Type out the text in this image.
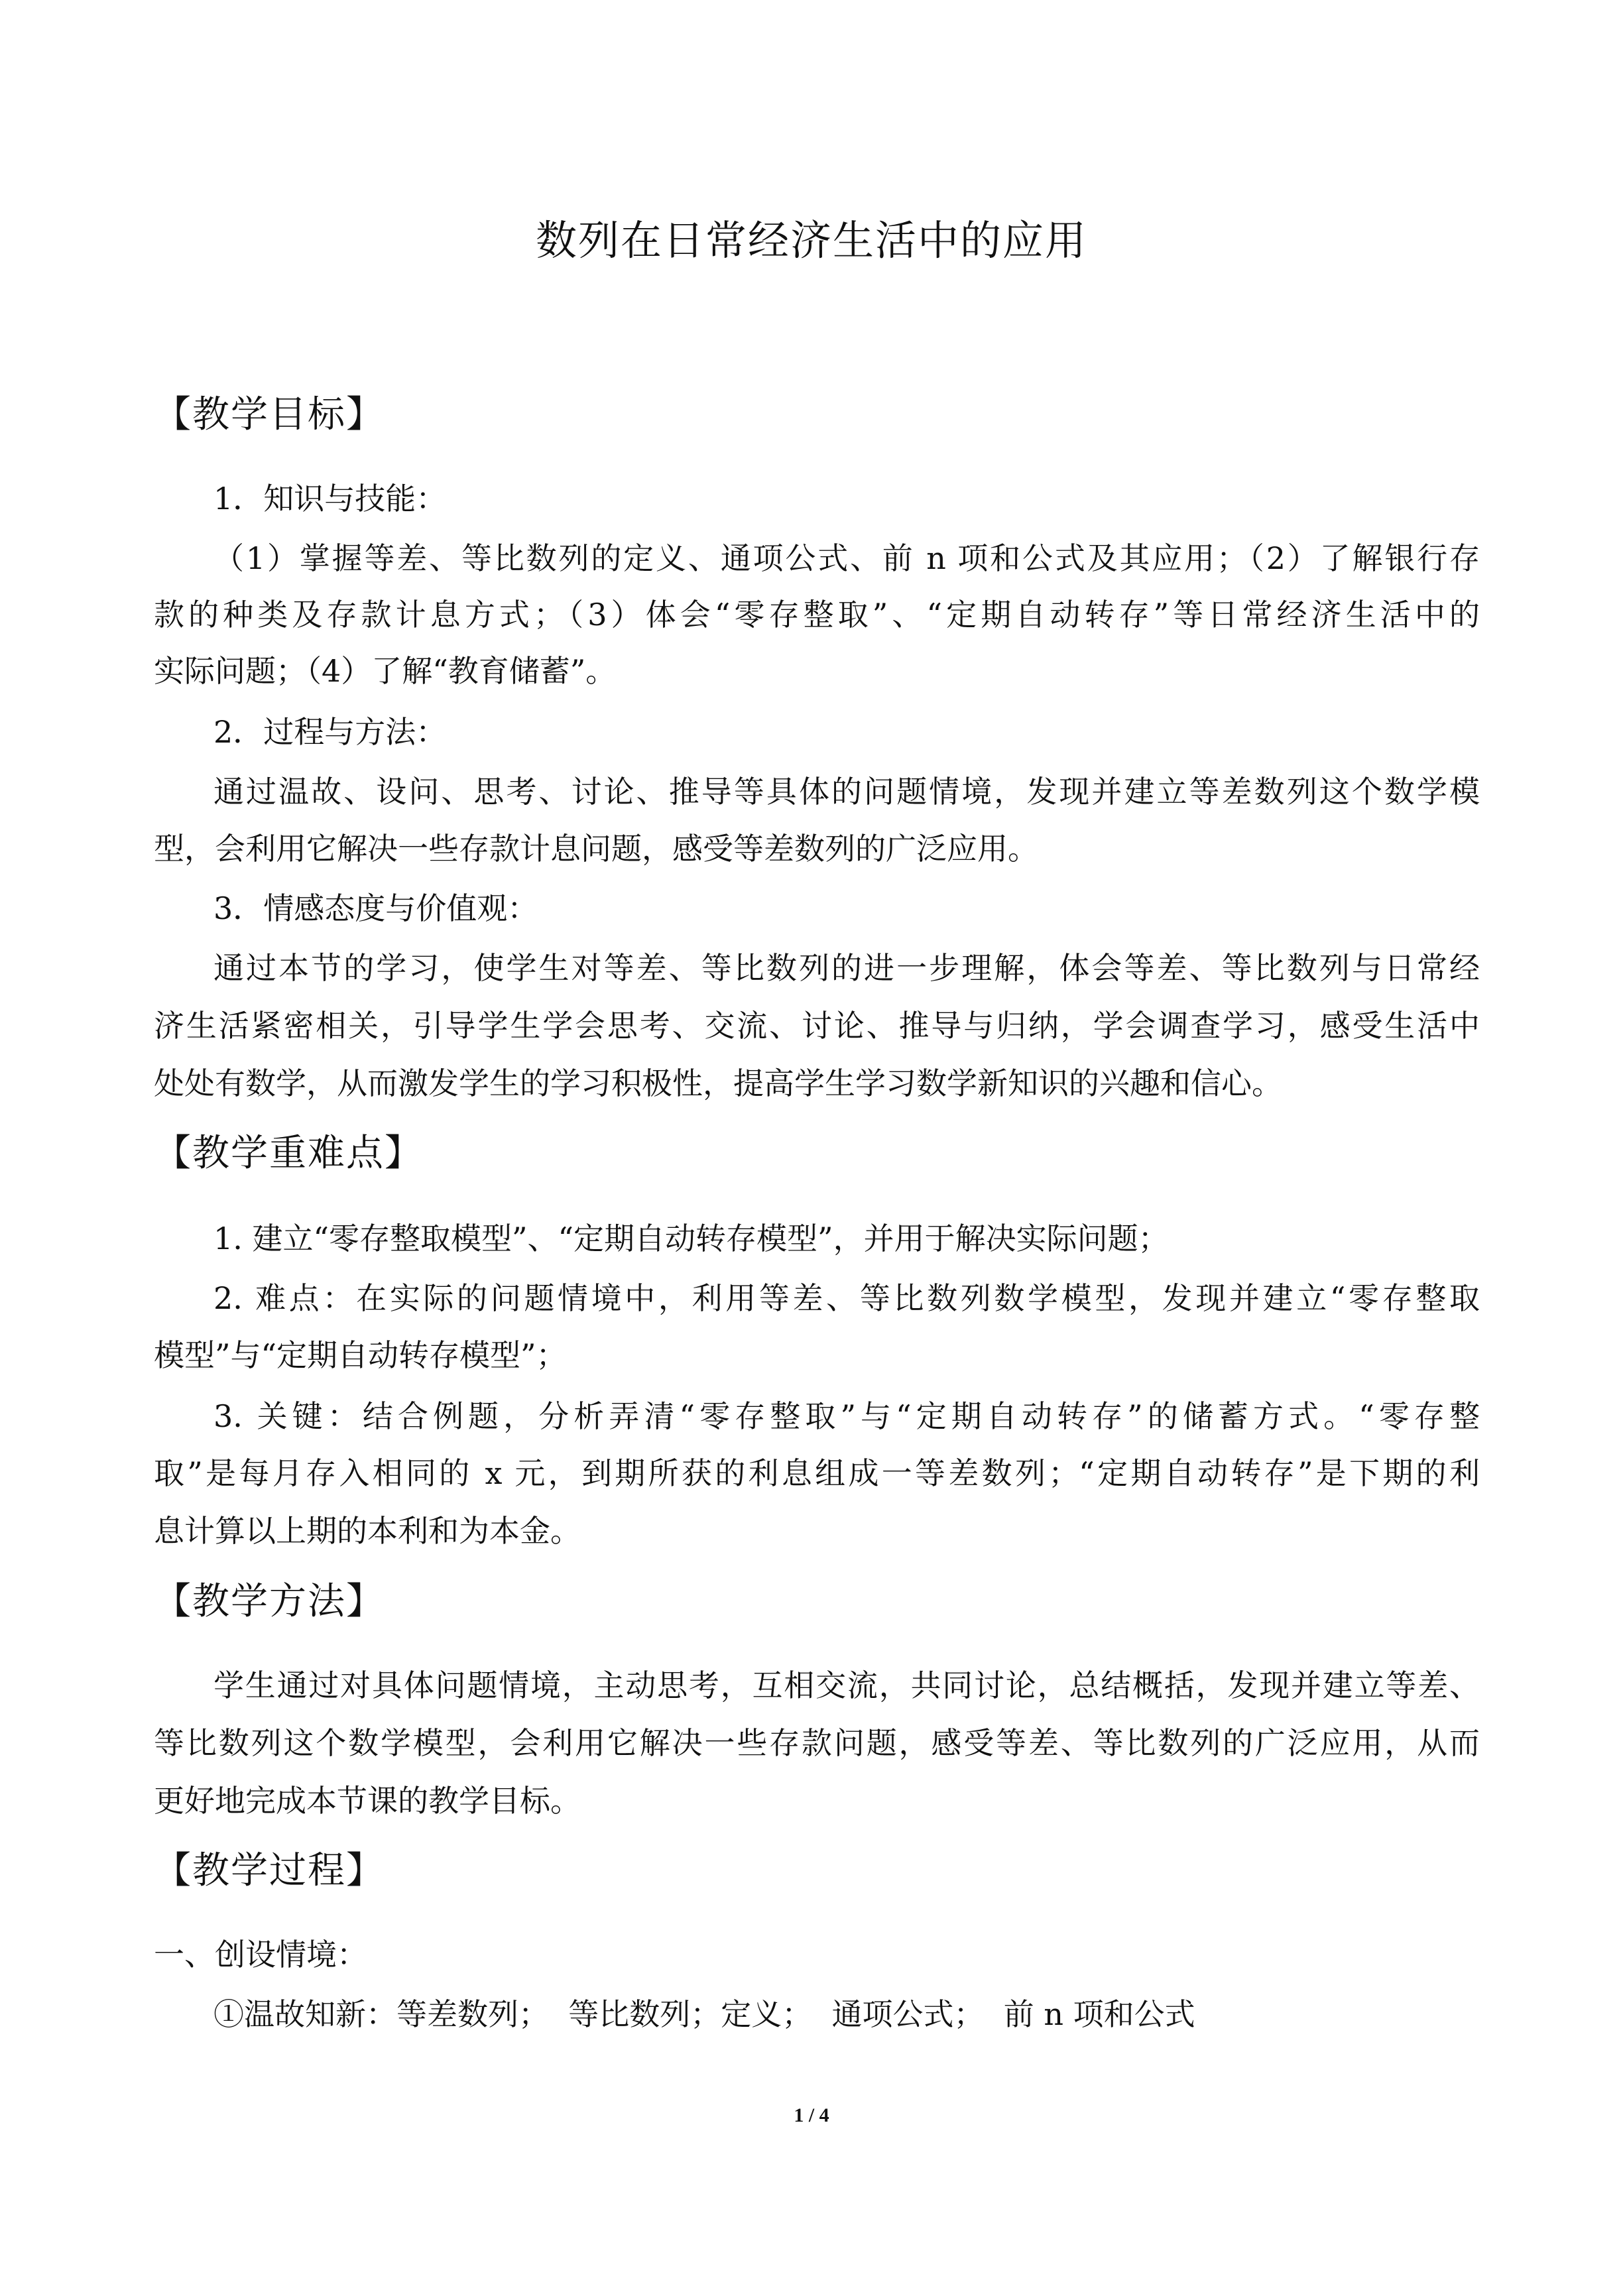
数列在日常经济生活中的应用
【教学目标】
1．知识与技能：
（1）掌握等差、等比数列的定义、通项公式、前 n 项和公式及其应用；（2）了解银行存
款的种类及存款计息方式；（3）体会“零存整取”、“定期自动转存”等日常经济生活中的
实际问题；（4）了解“教育储蓄”。
2．过程与方法：
通过温故、设问、思考、讨论、推导等具体的问题情境，发现并建立等差数列这个数学模
型，会利用它解决一些存款计息问题，感受等差数列的广泛应用。
3．情感态度与价值观：
通过本节的学习，使学生对等差、等比数列的进一步理解，体会等差、等比数列与日常经
济生活紧密相关，引导学生学会思考、交流、讨论、推导与归纳，学会调查学习，感受生活中
处处有数学，从而激发学生的学习积极性，提高学生学习数学新知识的兴趣和信心。
【教学重难点】
1. 建立“零存整取模型”、“定期自动转存模型”，并用于解决实际问题；
2. 难点：在实际的问题情境中，利用等差、等比数列数学模型，发现并建立“零存整取
模型”与“定期自动转存模型”；
3. 关键：结合例题，分析弄清“零存整取”与“定期自动转存”的储蓄方式。“零存整
取”是每月存入相同的 x 元，到期所获的利息组成一等差数列；“定期自动转存”是下期的利
息计算以上期的本利和为本金。
【教学方法】
学生通过对具体问题情境，主动思考，互相交流，共同讨论，总结概括，发现并建立等差、
等比数列这个数学模型，会利用它解决一些存款问题，感受等差、等比数列的广泛应用，从而
更好地完成本节课的教学目标。
【教学过程】
一、创设情境：
①温故知新：等差数列；  等比数列；定义；  通项公式；  前 n 项和公式
1 / 4
